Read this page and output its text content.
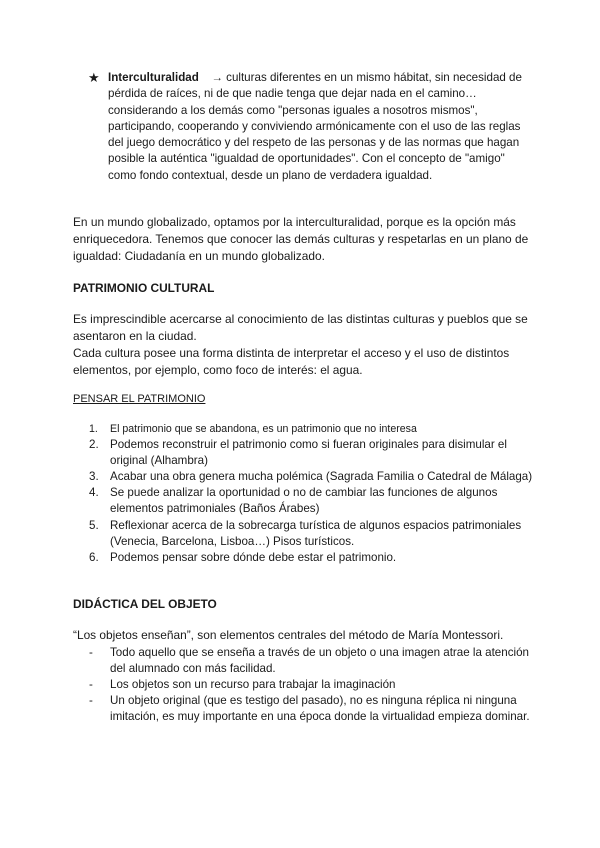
★ Interculturalidad → culturas diferentes en un mismo hábitat, sin necesidad de pérdida de raíces, ni de que nadie tenga que dejar nada en el camino… considerando a los demás como "personas iguales a nosotros mismos", participando, cooperando y conviviendo armónicamente con el uso de las reglas del juego democrático y del respeto de las personas y de las normas que hagan posible la auténtica "igualdad de oportunidades". Con el concepto de "amigo" como fondo contextual, desde un plano de verdadera igualdad.

En un mundo globalizado, optamos por la interculturalidad, porque es la opción más enriquecedora. Tenemos que conocer las demás culturas y respetarlas en un plano de igualdad: Ciudadanía en un mundo globalizado.

PATRIMONIO CULTURAL

Es imprescindible acercarse al conocimiento de las distintas culturas y pueblos que se asentaron en la ciudad.

Cada cultura posee una forma distinta de interpretar el acceso y el uso de distintos elementos, por ejemplo, como foco de interés: el agua.

PENSAR EL PATRIMONIO

1. El patrimonio que se abandona, es un patrimonio que no interesa
2. Podemos reconstruir el patrimonio como si fueran originales para disimular el original (Alhambra)
3. Acabar una obra genera mucha polémica (Sagrada Familia o Catedral de Málaga)
4. Se puede analizar la oportunidad o no de cambiar las funciones de algunos elementos patrimoniales (Baños Árabes)
5. Reflexionar acerca de la sobrecarga turística de algunos espacios patrimoniales (Venecia, Barcelona, Lisboa…) Pisos turísticos.
6. Podemos pensar sobre dónde debe estar el patrimonio.

DIDÁCTICA DEL OBJETO

“Los objetos enseñan”, son elementos centrales del método de María Montessori.

- Todo aquello que se enseña a través de un objeto o una imagen atrae la atención del alumnado con más facilidad.
- Los objetos son un recurso para trabajar la imaginación
- Un objeto original (que es testigo del pasado), no es ninguna réplica ni ninguna imitación, es muy importante en una época donde la virtualidad empieza dominar.
